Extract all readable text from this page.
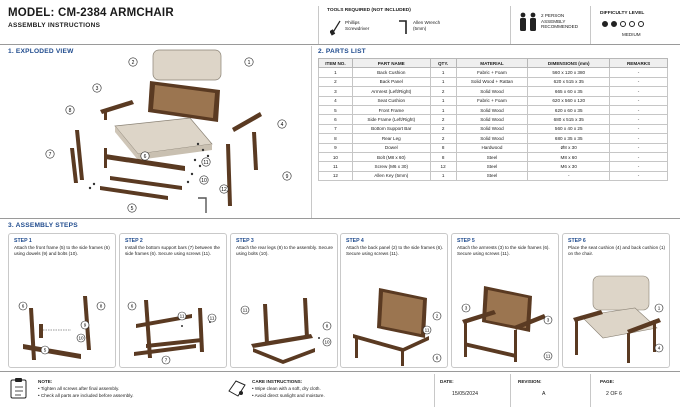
MODEL: CM-2384 ARMCHAIR
ASSEMBLY INSTRUCTIONS
TOOLS REQUIRED (NOT INCLUDED)
Phillips Screwdriver
Allen Wrench (5mm)
2 PERSON ASSEMBLY RECOMMENDED
DIFFICULTY LEVEL
MEDIUM
1. EXPLODED VIEW
1
2
3
4
5
6
7
8
9
10
11
12
2. PARTS LIST
ITEM NO.	PART NAME	QTY.	MATERIAL	DIMENSIONS (mm)	REMARKS
1	Back Cushion	1	Fabric + Foam	560 x 120 x 380	-
2	Back Panel	1	Solid Wood + Rattan	620 x 515 x 35	-
3	Armrest (Left/Right)	2	Solid Wood	665 x 60 x 35	-
4	Seat Cushion	1	Fabric + Foam	620 x 560 x 120	-
5	Front Frame	1	Solid Wood	620 x 60 x 35	-
6	Side Frame (Left/Right)	2	Solid Wood	680 x 515 x 35	-
7	Bottom Support Bar	2	Solid Wood	560 x 40 x 25	-
8	Rear Leg	2	Solid Wood	680 x 35 x 35	-
9	Dowel	8	Hardwood	Ø8 x 30	-
10	Bolt (M8 x 60)	8	Steel	M8 x 60	-
11	Screw (M6 x 30)	12	Steel	M6 x 30	-
12	Allen Key (5mm)	1	Steel	-	-
3. ASSEMBLY STEPS
STEP 1
Attach the front frame (5) to the side frames (6) using dowels (9) and bolts (10).
6
5
9
10
8
STEP 2
Install the bottom support bars (7) between the side frames (6). Secure using screws (11).
6
11	11
7
STEP 3
Attach the rear legs (8) to the assembly. Secure using bolts (10).
11
8
10
STEP 4
Attach the back panel (2) to the side frames (6). Secure using screws (11).
2
11
6
STEP 5
Attach the armrests (3) to the side frames (6). Secure using screws (11).
3
3
11
STEP 6
Place the seat cushion (4) and back cushion (1) on the chair.
1
4
NOTE:
• Tighten all screws after final assembly.
• Check all parts are included before assembly.
CARE INSTRUCTIONS:
• Wipe clean with a soft, dry cloth.
• Avoid direct sunlight and moisture.
DATE:
15/05/2024
REVISION:
A
PAGE:
2 OF 6
